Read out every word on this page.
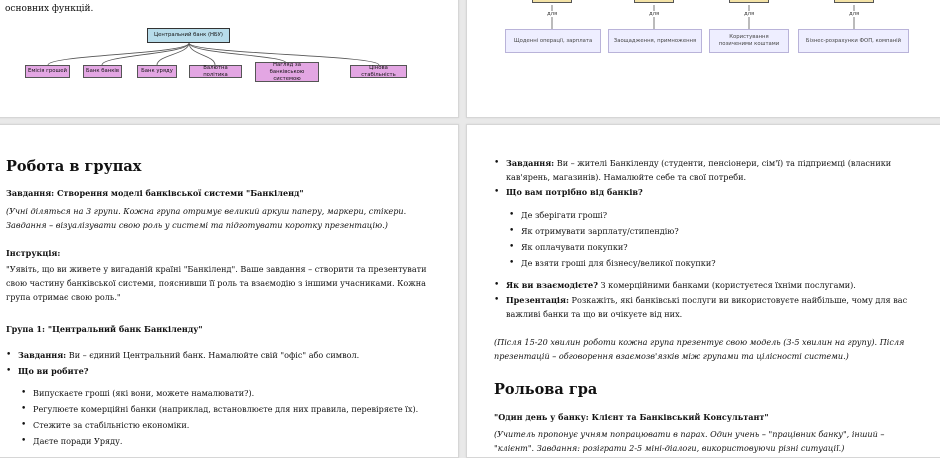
основних функцій.

Центральний банк (НБУ)
Емісія грошей	Банк банків	Банк уряду
Валютна політика
Нагляд за банківською системою
Цінова стабільність
для	для	для	для
Щоденні операції, зарплата	Заощадження, примноження
Користування позиченими коштами
Бізнес-розрахунки ФОП, компаній
Робота в групах

Завдання: Створення моделі банківської системи "Банкіленд"

(Учні діляться на 3 групи. Кожна група отримує великий аркуш паперу, маркери, стікери. Завдання – візуалізувати свою роль у системі та підготувати коротку презентацію.)

Інструкція:

"Уявіть, що ви живете у вигаданій країні "Банкіленд". Ваше завдання – створити та презентувати свою частину банківської системи, пояснивши її роль та взаємодію з іншими учасниками. Кожна група отримає свою роль."

Група 1: "Центральний банк Банкіленду"

• Завдання: Ви – єдиний Центральний банк. Намалюйте свій "офіс" або символ.
• Що ви робите?
• Випускаєте гроші (які вони, можете намалювати?).
• Регулюєте комерційні банки (наприклад, встановлюєте для них правила, перевіряєте їх).
• Стежите за стабільністю економіки.
• Даєте поради Уряду.
• Завдання: Ви – жителі Банкіленду (студенти, пенсіонери, сім'ї) та підприємці (власники кав'ярень, магазинів). Намалюйте себе та свої потреби.
• Що вам потрібно від банків?
• Де зберігати гроші?
• Як отримувати зарплату/стипендію?
• Як оплачувати покупки?
• Де взяти гроші для бізнесу/великої покупки?
• Як ви взаємодієте? З комерційними банками (користуєтеся їхніми послугами).
• Презентація: Розкажіть, які банківські послуги ви використовуєте найбільше, чому для вас важливі банки та що ви очікуєте від них.

(Після 15-20 хвилин роботи кожна група презентує свою модель (3-5 хвилин на групу). Після презентацій – обговорення взаємозв'язків між групами та цілісності системи.)

Рольова гра

"Один день у банку: Клієнт та Банківський Консультант"

(Учитель пропонує учням попрацювати в парах. Один учень – "працівник банку", інший – "клієнт". Завдання: розіграти 2-5 міні-діалоги, використовуючи різні ситуації.)
